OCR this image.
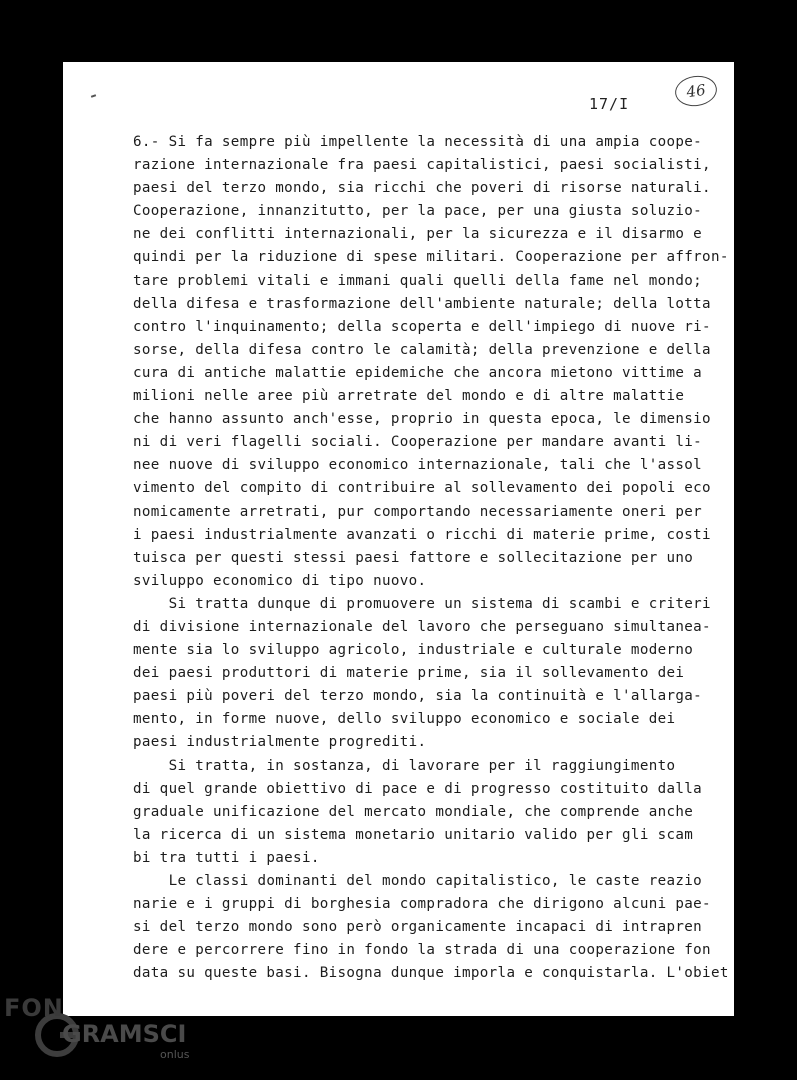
46
17/I
6.- Si fa sempre più impellente la necessità di una ampia coope-
razione internazionale fra paesi capitalistici, paesi socialisti,
paesi del terzo mondo, sia ricchi che poveri di risorse naturali.
Cooperazione, innanzitutto, per la pace, per una giusta soluzio-
ne dei conflitti internazionali, per la sicurezza e il disarmo e
quindi per la riduzione di spese militari. Cooperazione per affron-
tare problemi vitali e immani quali quelli della fame nel mondo;
della difesa e trasformazione dell'ambiente naturale; della lotta
contro l'inquinamento; della scoperta e dell'impiego di nuove ri-
sorse, della difesa contro le calamità; della prevenzione e della
cura di antiche malattie epidemiche che ancora mietono vittime a
milioni nelle aree più arretrate del mondo e di altre malattie
che hanno assunto anch'esse, proprio in questa epoca, le dimensio
ni di veri flagelli sociali. Cooperazione per mandare avanti li-
nee nuove di sviluppo economico internazionale, tali che l'assol
vimento del compito di contribuire al sollevamento dei popoli eco
nomicamente arretrati, pur comportando necessariamente oneri per
i paesi industrialmente avanzati o ricchi di materie prime, costi
tuisca per questi stessi paesi fattore e sollecitazione per uno
sviluppo economico di tipo nuovo.
Si tratta dunque di promuovere un sistema di scambi e criteri
di divisione internazionale del lavoro che perseguano simultanea-
mente sia lo sviluppo agricolo, industriale e culturale moderno
dei paesi produttori di materie prime, sia il sollevamento dei
paesi più poveri del terzo mondo, sia la continuità e l'allarga-
mento, in forme nuove, dello sviluppo economico e sociale dei
paesi industrialmente progrediti.
Si tratta, in sostanza, di lavorare per il raggiungimento
di quel grande obiettivo di pace e di progresso costituito dalla
graduale unificazione del mercato mondiale, che comprende anche
la ricerca di un sistema monetario unitario valido per gli scam
bi tra tutti i paesi.
Le classi dominanti del mondo capitalistico, le caste reazio
narie e i gruppi di borghesia compradora che dirigono alcuni pae-
si del terzo mondo sono però organicamente incapaci di intrapren
dere e percorrere fino in fondo la strada di una cooperazione fon
data su queste basi. Bisogna dunque imporla e conquistarla. L'obiet
FON
GRAMSCI
onlus
